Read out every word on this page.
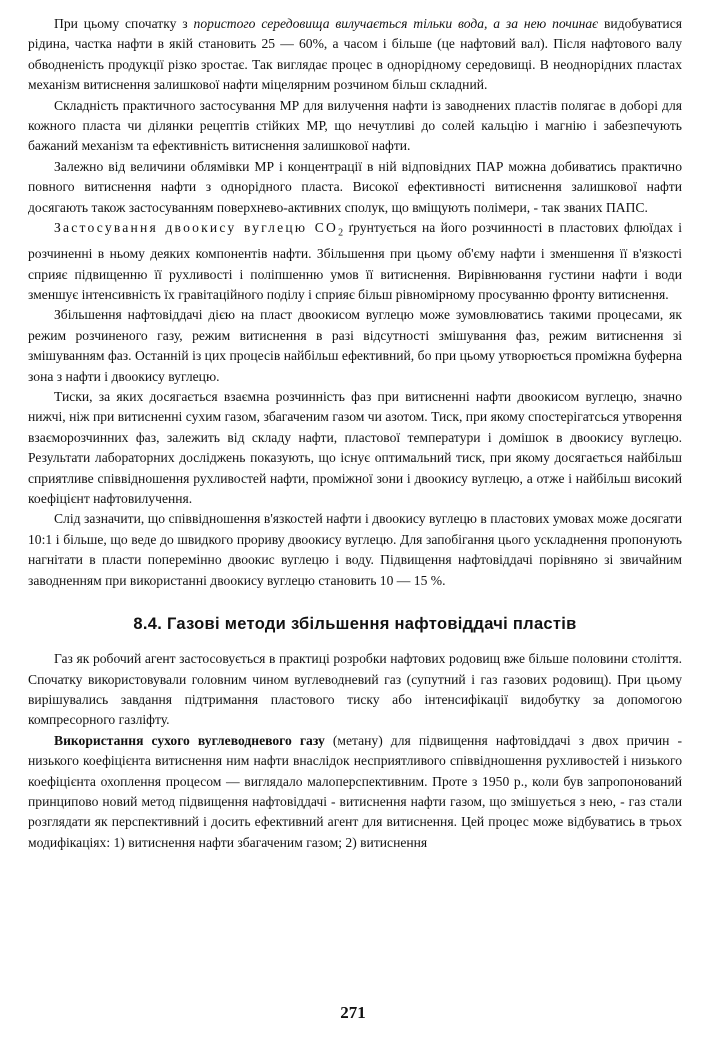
При цьому спочатку з пористого середовища вилучається тільки вода, а за нею починає видобуватися рідина, частка нафти в якій становить 25 — 60%, а часом і більше (це нафтовий вал). Після нафтового валу обводненість продукції різко зростає. Так виглядає процес в однорідному середовищі. В неоднорідних пластах механізм витиснення залишкової нафти міцелярним розчином більш складний.

Складність практичного застосування МР для вилучення нафти із заводнених пластів полягає в доборі для кожного пласта чи ділянки рецептів стійких МР, що нечутливі до солей кальцію і магнію і забезпечують бажаний механізм та ефективність витиснення залишкової нафти.

Залежно від величини облямівки МР і концентрації в ній відповідних ПАР можна добиватись практично повного витиснення нафти з однорідного пласта. Високої ефективності витиснення залишкової нафти досягають також застосуванням поверхнево-активних сполук, що вміщують полімери, - так званих ПАПС.

Застосування двоокису вуглецю $СО_2$ ґрунтується на його розчинності в пластових флюїдах і розчиненні в ньому деяких компонентів нафти. Збільшення при цьому об'єму нафти і зменшення її в'язкості сприяє підвищенню її рухливості і поліпшенню умов її витиснення. Вирівнювання густини нафти і води зменшує інтенсивність їх гравітаційного поділу і сприяє більш рівномірному просуванню фронту витиснення.

Збільшення нафтовіддачі дією на пласт двоокисом вуглецю може зумовлюватись такими процесами, як режим розчиненого газу, режим витиснення в разі відсутності змішування фаз, режим витиснення зі змішуванням фаз. Останній із цих процесів найбільш ефективний, бо при цьому утворюється проміжна буферна зона з нафти і двоокису вуглецю.

Тиски, за яких досягається взаємна розчинність фаз при витисненні нафти двоокисом вуглецю, значно нижчі, ніж при витисненні сухим газом, збагаченим газом чи азотом. Тиск, при якому спостерігатсься утворення взаєморозчинних фаз, залежить від складу нафти, пластової температури і домішок в двоокису вуглецю. Результати лабораторних досліджень показують, що існує оптимальний тиск, при якому досягається найбільш сприятливе співвідношення рухливостей нафти, проміжної зони і двоокису вуглецю, а отже і найбільш високий коефіцієнт нафтовилучення.

Слід зазначити, що співвідношення в'язкостей нафти і двоокису вуглецю в пластових умовах може досягати 10:1 і більше, що веде до швидкого прориву двоокису вуглецю. Для запобігання цього ускладнення пропонують нагнітати в пласти поперемінно двоокис вуглецю і воду. Підвищення нафтовіддачі порівняно зі звичайним заводненням при використанні двоокису вуглецю становить 10 — 15 %.

8.4. Газові методи збільшення нафтовіддачі пластів

Газ як робочий агент застосовується в практиці розробки нафтових родовищ вже більше половини століття. Спочатку використовували головним чином вуглеводневий газ (супутний і газ газових родовищ). При цьому вирішувались завдання підтримання пластового тиску або інтенсифікації видобутку за допомогою компресорного газліфту.

Використання сухого вуглеводневого газу (метану) для підвищення нафтовіддачі з двох причин - низького коефіцієнта витиснення ним нафти внаслідок несприятливого співвідношення рухливостей і низького коефіцієнта охоплення процесом — виглядало малоперспективним. Проте з 1950 р., коли був запропонований принципово новий метод підвищення нафтовіддачі - витиснення нафти газом, що змішується з нею, - газ стали розглядати як перспективний і досить ефективний агент для витиснення. Цей процес може відбуватись в трьох модифікаціях: 1) витиснення нафти збагаченим газом; 2) витиснення

271
